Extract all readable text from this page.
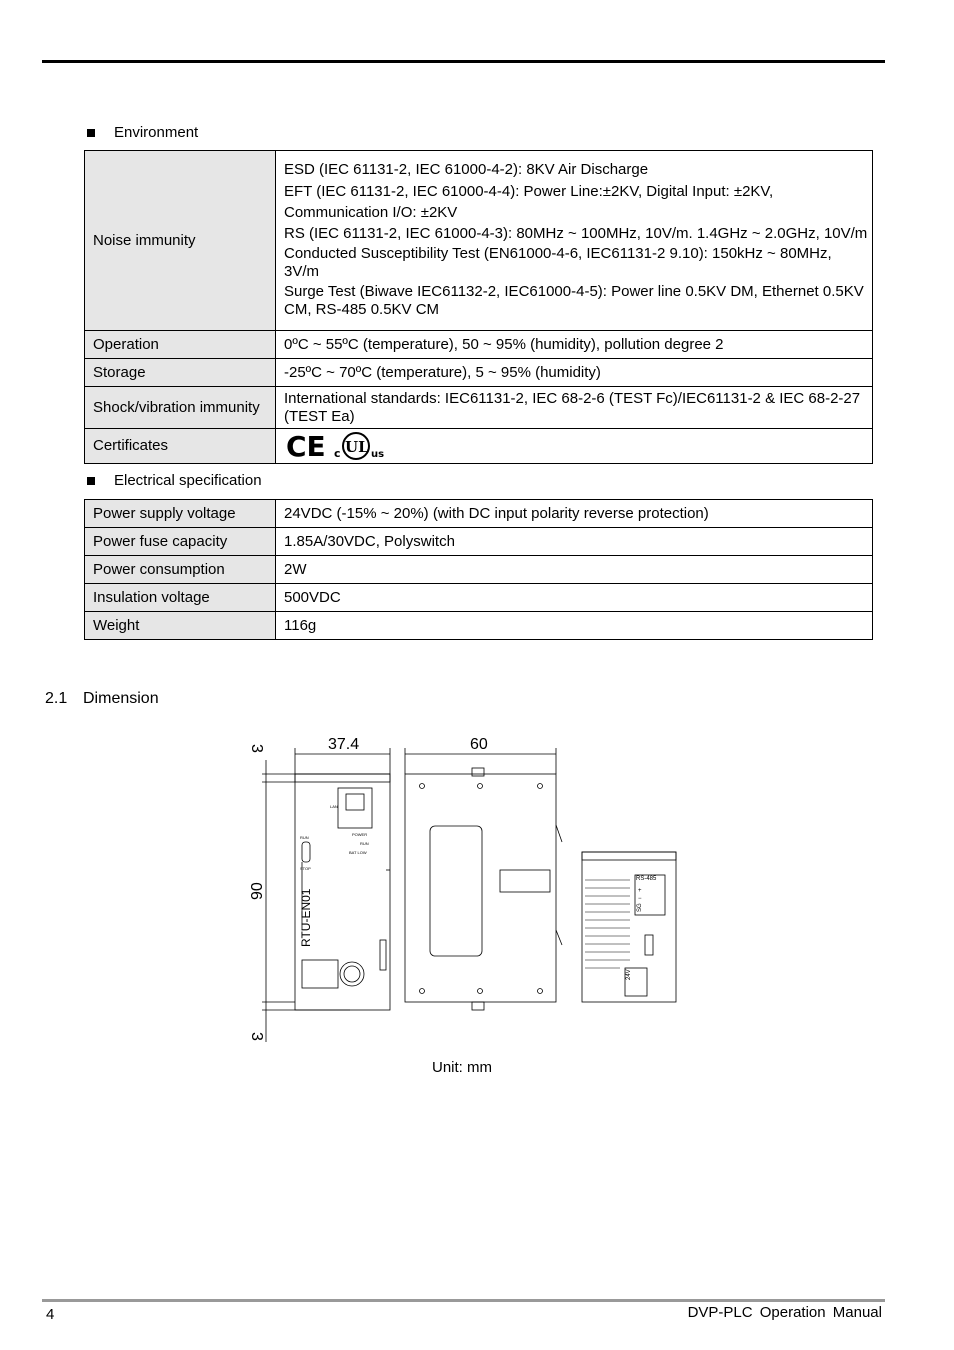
Environment
Noise immunity	ESD (IEC 61131-2, IEC 61000-4-2): 8KV Air Discharge
EFT (IEC 61131-2, IEC 61000-4-4): Power Line:±2KV, Digital Input: ±2KV, Communication I/O: ±2KV
RS (IEC 61131-2, IEC 61000-4-3): 80MHz ~ 100MHz, 10V/m. 1.4GHz ~ 2.0GHz, 10V/m
Conducted Susceptibility Test (EN61000-4-6, IEC61131-2 9.10): 150kHz ~ 80MHz, 3V/m
Surge Test (Biwave IEC61132-2, IEC61000-4-5): Power line 0.5KV DM, Ethernet 0.5KV CM, RS-485 0.5KV CM

Operation	0ºC ~ 55ºC (temperature), 50 ~ 95% (humidity), pollution degree 2
Storage	-25ºC ~ 70ºC (temperature), 5 ~ 95% (humidity)
Shock/vibration immunity	International standards: IEC61131-2, IEC 68-2-6 (TEST Fc)/IEC61131-2 & IEC 68-2-27 (TEST Ea)
Certificates	CE c UL us
Electrical specification
Power supply voltage	24VDC (-15% ~ 20%) (with DC input polarity reverse protection)
Power fuse capacity	1.85A/30VDC, Polyswitch
Power consumption	2W
Insulation voltage	500VDC
Weight	116g
2.1 Dimension
3	37.4	60
90
3
LAN
POWER
RUN
BAT LOW
RUN
STOP
RTU-EN01
RS-485
SG
+
−
24V
Unit: mm
4	DVP-PLC Operation Manual
